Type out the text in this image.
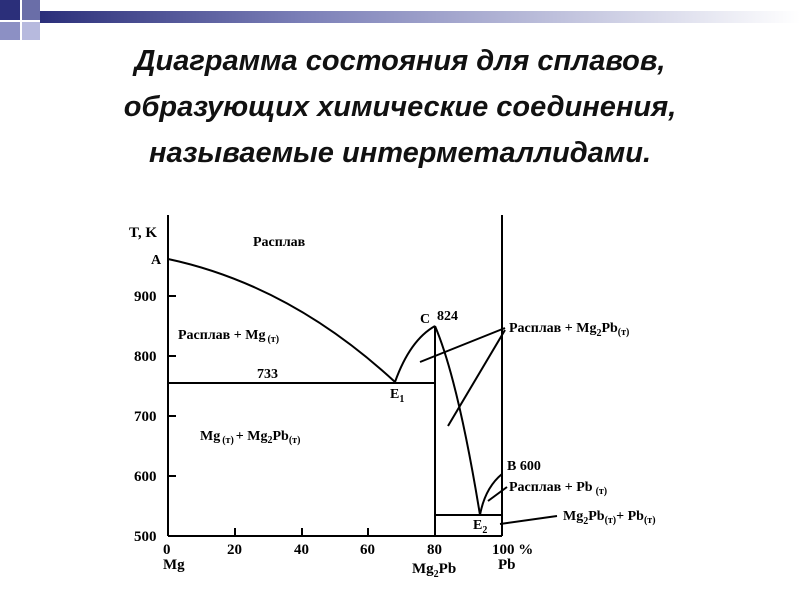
Диаграмма состояния для сплавов,
образующих химические соединения,
называемые интерметаллидами.
T, K
500
600
700
800
900
0	20	40	60	80	100 %
Mg	$Mg_2Pb$	Pb
A
C 824
$E_1$
$E_2$
B 600
733
Расплав
Расплав + Mg $_{(т)}$
Mg $_{(т)} + Mg_2Pb_{(т)}$
Расплав + $Mg_2Pb_{(т)}$
Расплав + Pb $_{(т)}$
$Mg_2Pb_{(т)}+ Pb_{(т)}$
